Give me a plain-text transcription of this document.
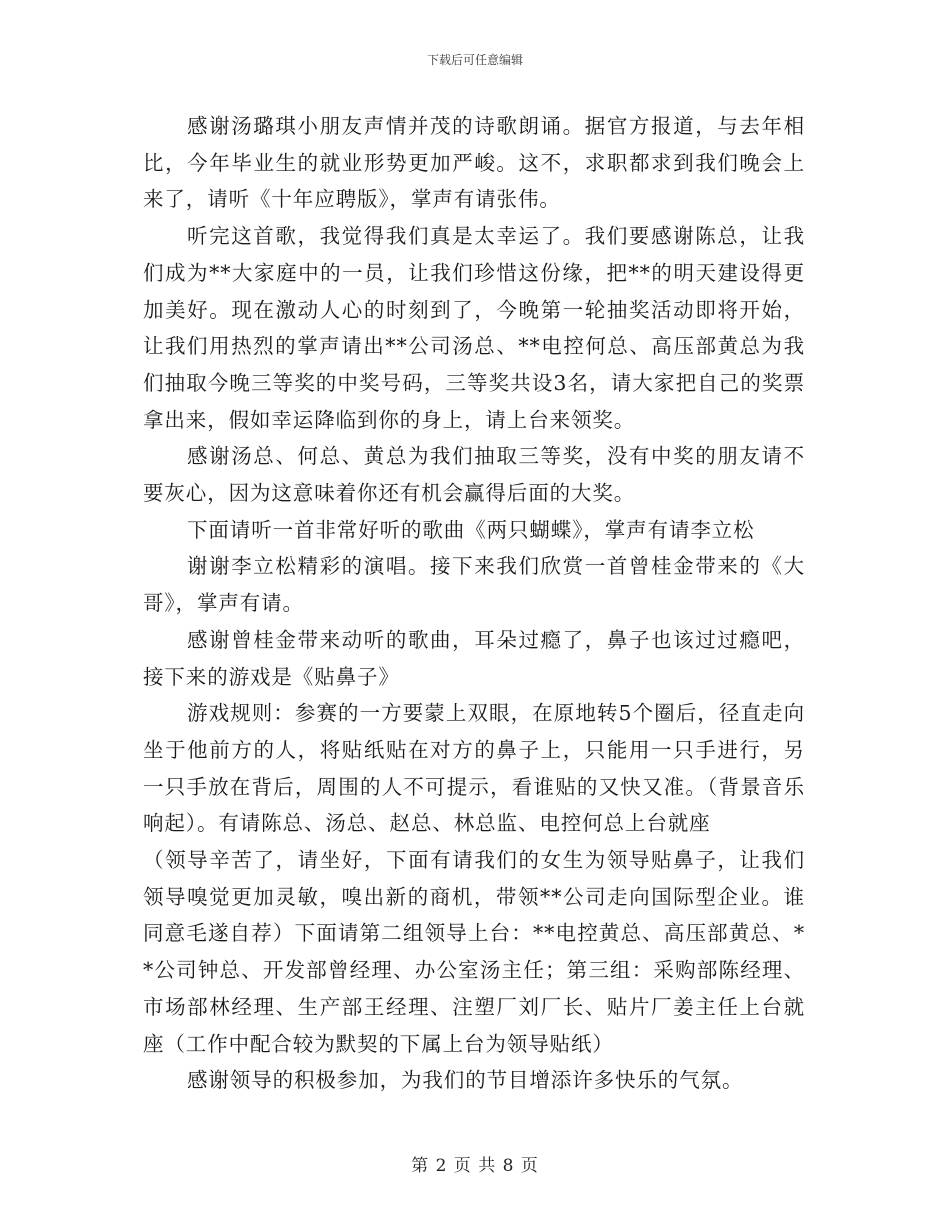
下载后可任意编辑

感谢汤璐琪小朋友声情并茂的诗歌朗诵。据官方报道，与去年相比，今年毕业生的就业形势更加严峻。这不，求职都求到我们晚会上来了，请听《十年应聘版》，掌声有请张伟。

听完这首歌，我觉得我们真是太幸运了。我们要感谢陈总，让我们成为**大家庭中的一员，让我们珍惜这份缘，把**的明天建设得更加美好。现在激动人心的时刻到了，今晚第一轮抽奖活动即将开始，让我们用热烈的掌声请出**公司汤总、**电控何总、高压部黄总为我们抽取今晚三等奖的中奖号码，三等奖共设3名，请大家把自己的奖票拿出来，假如幸运降临到你的身上，请上台来领奖。

感谢汤总、何总、黄总为我们抽取三等奖，没有中奖的朋友请不要灰心，因为这意味着你还有机会赢得后面的大奖。

下面请听一首非常好听的歌曲《两只蝴蝶》，掌声有请李立松

谢谢李立松精彩的演唱。接下来我们欣赏一首曾桂金带来的《大哥》，掌声有请。

感谢曾桂金带来动听的歌曲，耳朵过瘾了，鼻子也该过过瘾吧，接下来的游戏是《贴鼻子》

游戏规则：参赛的一方要蒙上双眼，在原地转5个圈后，径直走向坐于他前方的人，将贴纸贴在对方的鼻子上，只能用一只手进行，另一只手放在背后，周围的人不可提示，看谁贴的又快又准。（背景音乐响起）。有请陈总、汤总、赵总、林总监、电控何总上台就座

（领导辛苦了，请坐好，下面有请我们的女生为领导贴鼻子，让我们领导嗅觉更加灵敏，嗅出新的商机，带领**公司走向国际型企业。谁同意毛遂自荐）下面请第二组领导上台：**电控黄总、高压部黄总、**公司钟总、开发部曾经理、办公室汤主任；第三组：采购部陈经理、市场部林经理、生产部王经理、注塑厂刘厂长、贴片厂姜主任上台就座（工作中配合较为默契的下属上台为领导贴纸）

感谢领导的积极参加，为我们的节目增添许多快乐的气氛。

第 2 页 共 8 页
